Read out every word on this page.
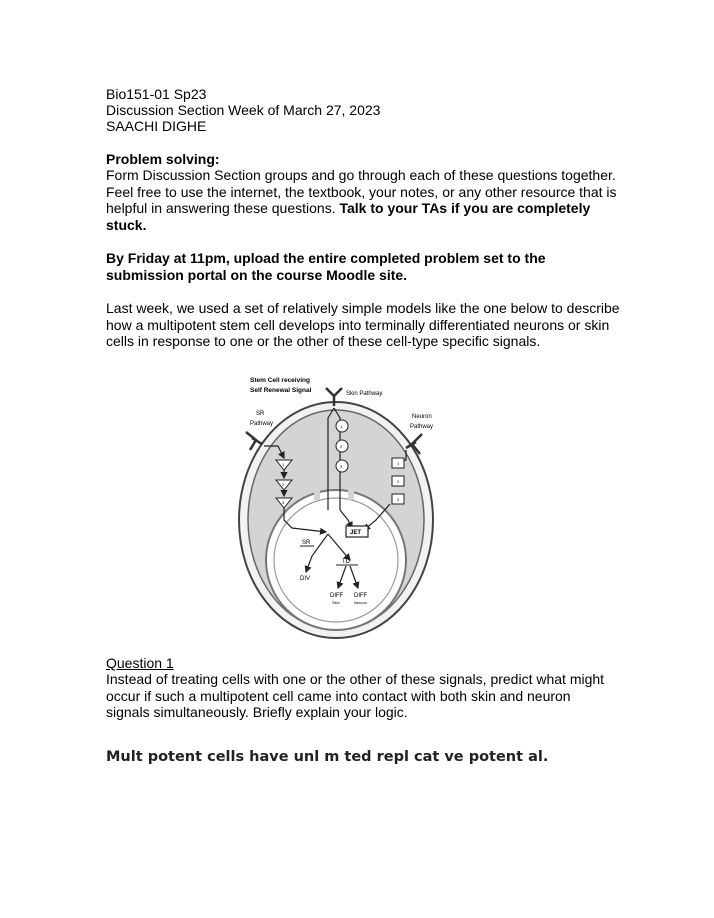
Bio151-01 Sp23
Discussion Section Week of March 27, 2023
SAACHI DIGHE
Problem solving:
Form Discussion Section groups and go through each of these questions together. Feel free to use the internet, the textbook, your notes, or any other resource that is helpful in answering these questions. Talk to your TAs if you are completely stuck.
By Friday at 11pm, upload the entire completed problem set to the submission portal on the course Moodle site.
Last week, we used a set of relatively simple models like the one below to describe how a multipotent stem cell develops into terminally differentiated neurons or skin cells in response to one or the other of these cell-type specific signals.
Stem Cell receiving
Self Renewal Signal	Skin Pathway
SR
Pathway
Neuron
Pathway
1
2
3
1
2
3
1
2
3
JET
SR
TD
DIV
DIFF
Skin
DIFF
Neuron
Question 1
Instead of treating cells with one or the other of these signals, predict what might occur if such a multipotent cell came into contact with both skin and neuron signals simultaneously. Briefly explain your logic.
Mult potent cells have unl m ted repl cat ve potent al.
